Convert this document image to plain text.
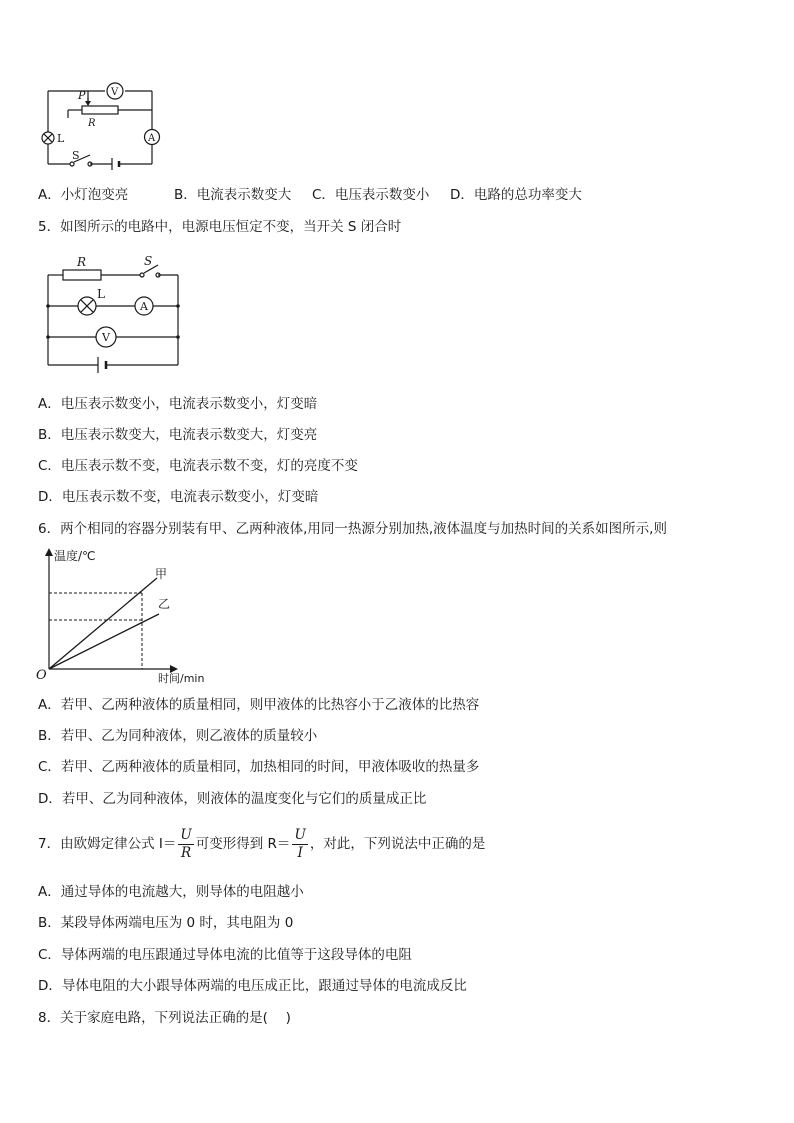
P	V
R
L	A
S
A．小灯泡变亮	B．电流表示数变大 C．电压表示数变小 D．电路的总功率变大
5．如图所示的电路中，电源电压恒定不变，当开关 S 闭合时
R	S
L
A
V
A．电压表示数变小，电流表示数变小，灯变暗
B．电压表示数变大，电流表示数变大，灯变亮
C．电压表示数不变，电流表示数不变，灯的亮度不变
D．电压表示数不变，电流表示数变小，灯变暗
6．两个相同的容器分别装有甲、乙两种液体,用同一热源分别加热,液体温度与加热时间的关系如图所示,则
温度/℃
时间/min
O
甲
乙
A．若甲、乙两种液体的质量相同，则甲液体的比热容小于乙液体的比热容
B．若甲、乙为同种液体，则乙液体的质量较小
C．若甲、乙两种液体的质量相同，加热相同的时间，甲液体吸收的热量多
D．若甲、乙为同种液体，则液体的温度变化与它们的质量成正比
7．由欧姆定律公式 $I= \frac{U}{R}$ 可变形得到 $R= \frac{U}{I}$ ，对此，下列说法中正确的是
A．通过导体的电流越大，则导体的电阻越小
B．某段导体两端电压为 0 时，其电阻为 0
C．导体两端的电压跟通过导体电流的比值等于这段导体的电阻
D．导体电阻的大小跟导体两端的电压成正比，跟通过导体的电流成反比
8．关于家庭电路，下列说法正确的是(　 )
